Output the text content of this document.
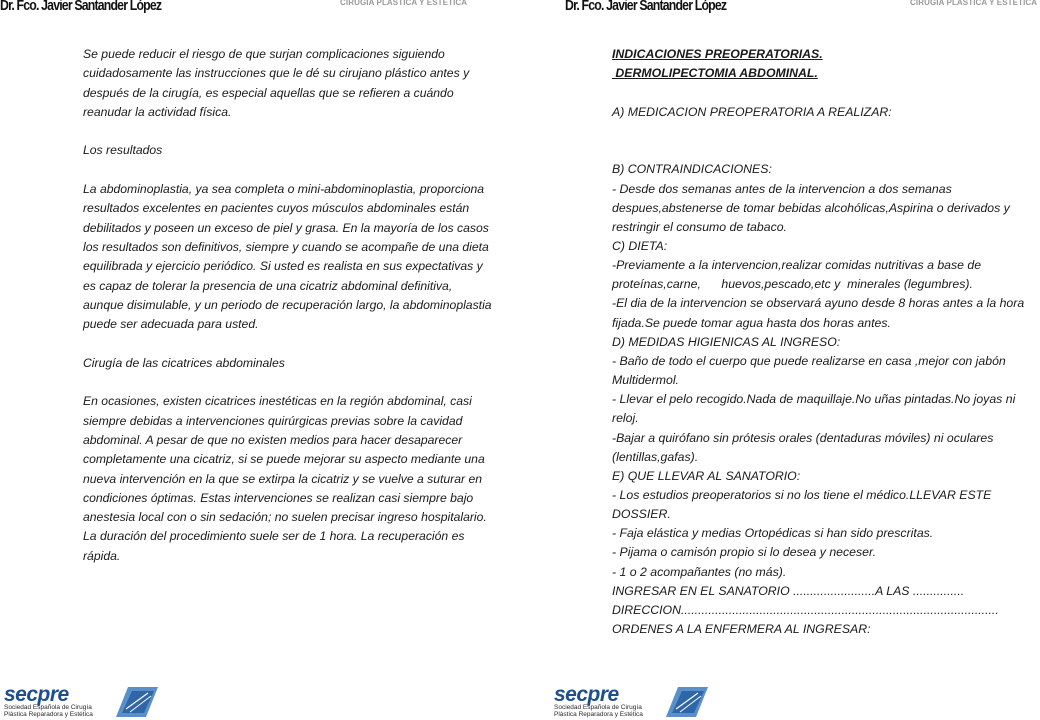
Dr. Fco. Javier Santander López	CIRUGIA PLASTICA Y ESTETICA

Se puede reducir el riesgo de que surjan complicaciones siguiendo cuidadosamente las instrucciones que le dé su cirujano plástico antes y después de la cirugía, es especial aquellas que se refieren a cuándo reanudar la actividad física.

Los resultados

La abdominoplastia, ya sea completa o mini-abdominoplastia, proporciona resultados excelentes en pacientes cuyos músculos abdominales están debilitados y poseen un exceso de piel y grasa. En la mayoría de los casos los resultados son definitivos, siempre y cuando se acompañe de una dieta equilibrada y ejercicio periódico. Si usted es realista en sus expectativas y es capaz de tolerar la presencia de una cicatriz abdominal definitiva, aunque disimulable, y un periodo de recuperación largo, la abdominoplastia puede ser adecuada para usted.

Cirugía de las cicatrices abdominales

En ocasiones, existen cicatrices inestéticas en la región abdominal, casi siempre debidas a intervenciones quirúrgicas previas sobre la cavidad abdominal. A pesar de que no existen medios para hacer desaparecer completamente una cicatriz, si se puede mejorar su aspecto mediante una nueva intervención en la que se extirpa la cicatriz y se vuelve a suturar en condiciones óptimas. Estas intervenciones se realizan casi siempre bajo anestesia local con o sin sedación; no suelen precisar ingreso hospitalario. La duración del procedimiento suele ser de 1 hora. La recuperación es rápida.

secpre
Sociedad Española de Cirugía
Plástica Reparadora y Estética
Dr. Fco. Javier Santander López	CIRUGIA PLASTICA Y ESTETICA

INDICACIONES PREOPERATORIAS.

DERMOLIPECTOMIA ABDOMINAL.

A) MEDICACION PREOPERATORIA A REALIZAR:

B) CONTRAINDICACIONES:

- Desde dos semanas antes de la intervencion a dos semanas despues,abstenerse de tomar bebidas alcohólicas,Aspirina o derivados y restringir el consumo de tabaco.

C) DIETA:

-Previamente a la intervencion,realizar comidas nutritivas a base de proteínas,carne,      huevos,pescado,etc y  minerales (legumbres).

-El dia de la intervencion se observará ayuno desde 8 horas antes a la hora fijada.Se puede tomar agua hasta dos horas antes.

D) MEDIDAS HIGIENICAS AL INGRESO:

- Baño de todo el cuerpo que puede realizarse en casa ,mejor con jabón Multidermol.

- Llevar el pelo recogido.Nada de maquillaje.No uñas pintadas.No joyas ni reloj.

-Bajar a quirófano sin prótesis orales (dentaduras móviles) ni oculares (lentillas,gafas).

E) QUE LLEVAR AL SANATORIO:

- Los estudios preoperatorios si no los tiene el médico.LLEVAR ESTE DOSSIER.

- Faja elástica y medias Ortopédicas si han sido prescritas.

- Pijama o camisón propio si lo desea y neceser.

- 1 o 2 acompañantes (no más).

INGRESAR EN EL SANATORIO ........................A LAS ...............

DIRECCION.............................................................................................

ORDENES A LA ENFERMERA AL INGRESAR:

secpre
Sociedad Española de Cirugía
Plástica Reparadora y Estética
